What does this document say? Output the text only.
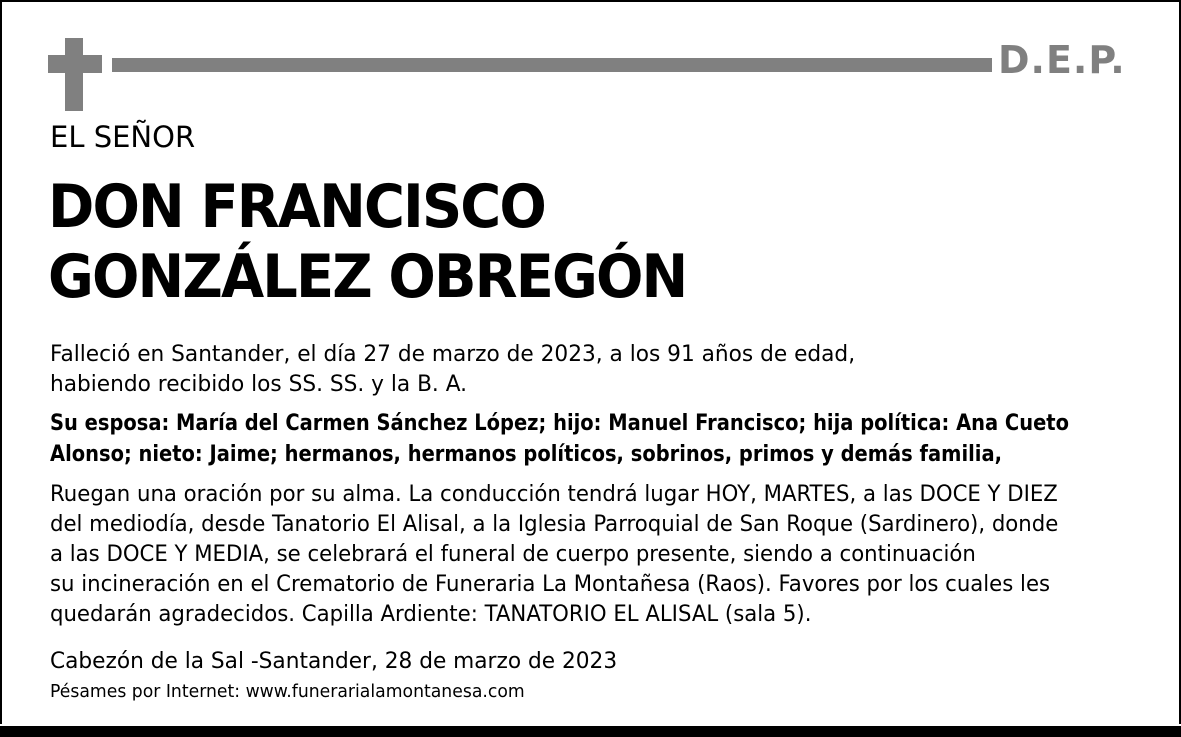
D.E.P.
EL SEÑOR
DON FRANCISCO
GONZÁLEZ OBREGÓN
Falleció en Santander, el día 27 de marzo de 2023, a los 91 años de edad,
habiendo recibido los SS. SS. y la B. A.
Su esposa: María del Carmen Sánchez López; hijo: Manuel Francisco; hija política: Ana Cueto
Alonso; nieto: Jaime; hermanos, hermanos políticos, sobrinos, primos y demás familia,
Ruegan una oración por su alma. La conducción tendrá lugar HOY, MARTES, a las DOCE Y DIEZ
del mediodía, desde Tanatorio El Alisal, a la Iglesia Parroquial de San Roque (Sardinero), donde
a las DOCE Y MEDIA, se celebrará el funeral de cuerpo presente, siendo a continuación
su incineración en el Crematorio de Funeraria La Montañesa (Raos). Favores por los cuales les
quedarán agradecidos. Capilla Ardiente: TANATORIO EL ALISAL (sala 5).
Cabezón de la Sal -Santander, 28 de marzo de 2023
Pésames por Internet: www.funerarialamontanesa.com
